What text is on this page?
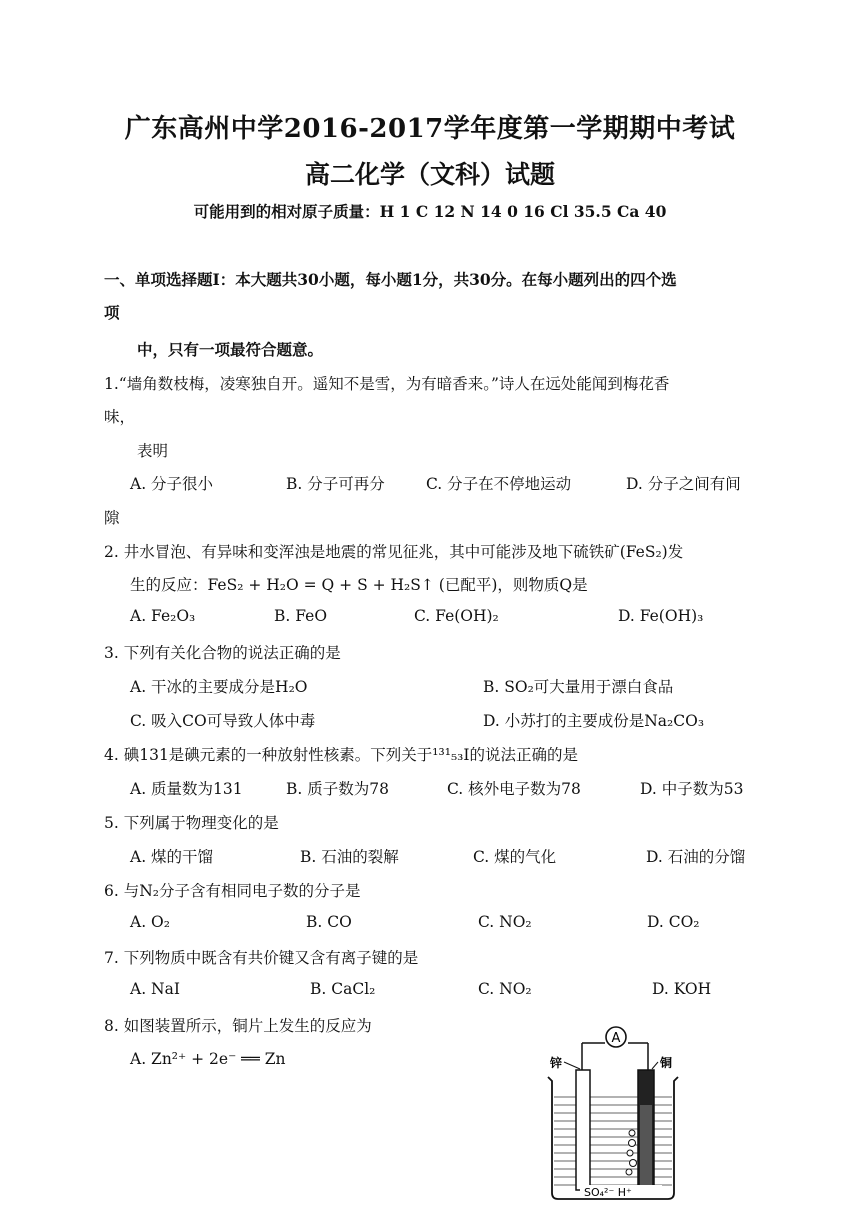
广东高州中学2016-2017学年度第一学期期中考试
高二化学（文科）试题
可能用到的相对原子质量：H 1 C 12 N 14 0 16 Cl 35.5 Ca 40
一、单项选择题Ⅰ：本大题共30小题，每小题1分，共30分。在每小题列出的四个选
项
中，只有一项最符合题意。
1.“墙角数枝梅，凌寒独自开。遥知不是雪，为有暗香来。”诗人在远处能闻到梅花香
味，
表明
A. 分子很小	B. 分子可再分	C. 分子在不停地运动	D. 分子之间有间
隙
2. 井水冒泡、有异味和变浑浊是地震的常见征兆，其中可能涉及地下硫铁矿(FeS₂)发
生的反应：FeS₂ + H₂O = Q + S + H₂S↑ (已配平)，则物质Q是
A. Fe₂O₃	B. FeO	C. Fe(OH)₂	D. Fe(OH)₃
3. 下列有关化合物的说法正确的是
A. 干冰的主要成分是H₂O	B. SO₂可大量用于漂白食品
C. 吸入CO可导致人体中毒	D. 小苏打的主要成份是Na₂CO₃
4. 碘131是碘元素的一种放射性核素。下列关于¹³¹₅₃I的说法正确的是
A. 质量数为131	B. 质子数为78	C. 核外电子数为78	D. 中子数为53
5. 下列属于物理变化的是
A. 煤的干馏	B. 石油的裂解	C. 煤的气化	D. 石油的分馏
6. 与N₂分子含有相同电子数的分子是
A. O₂	B. CO	C. NO₂	D. CO₂
7. 下列物质中既含有共价键又含有离子键的是
A. NaI	B. CaCl₂	C. NO₂	D. KOH
8. 如图装置所示，铜片上发生的反应为
A. Zn²⁺ + 2e⁻ ══ Zn
A
锌	铜
SO₄²⁻ H⁺
